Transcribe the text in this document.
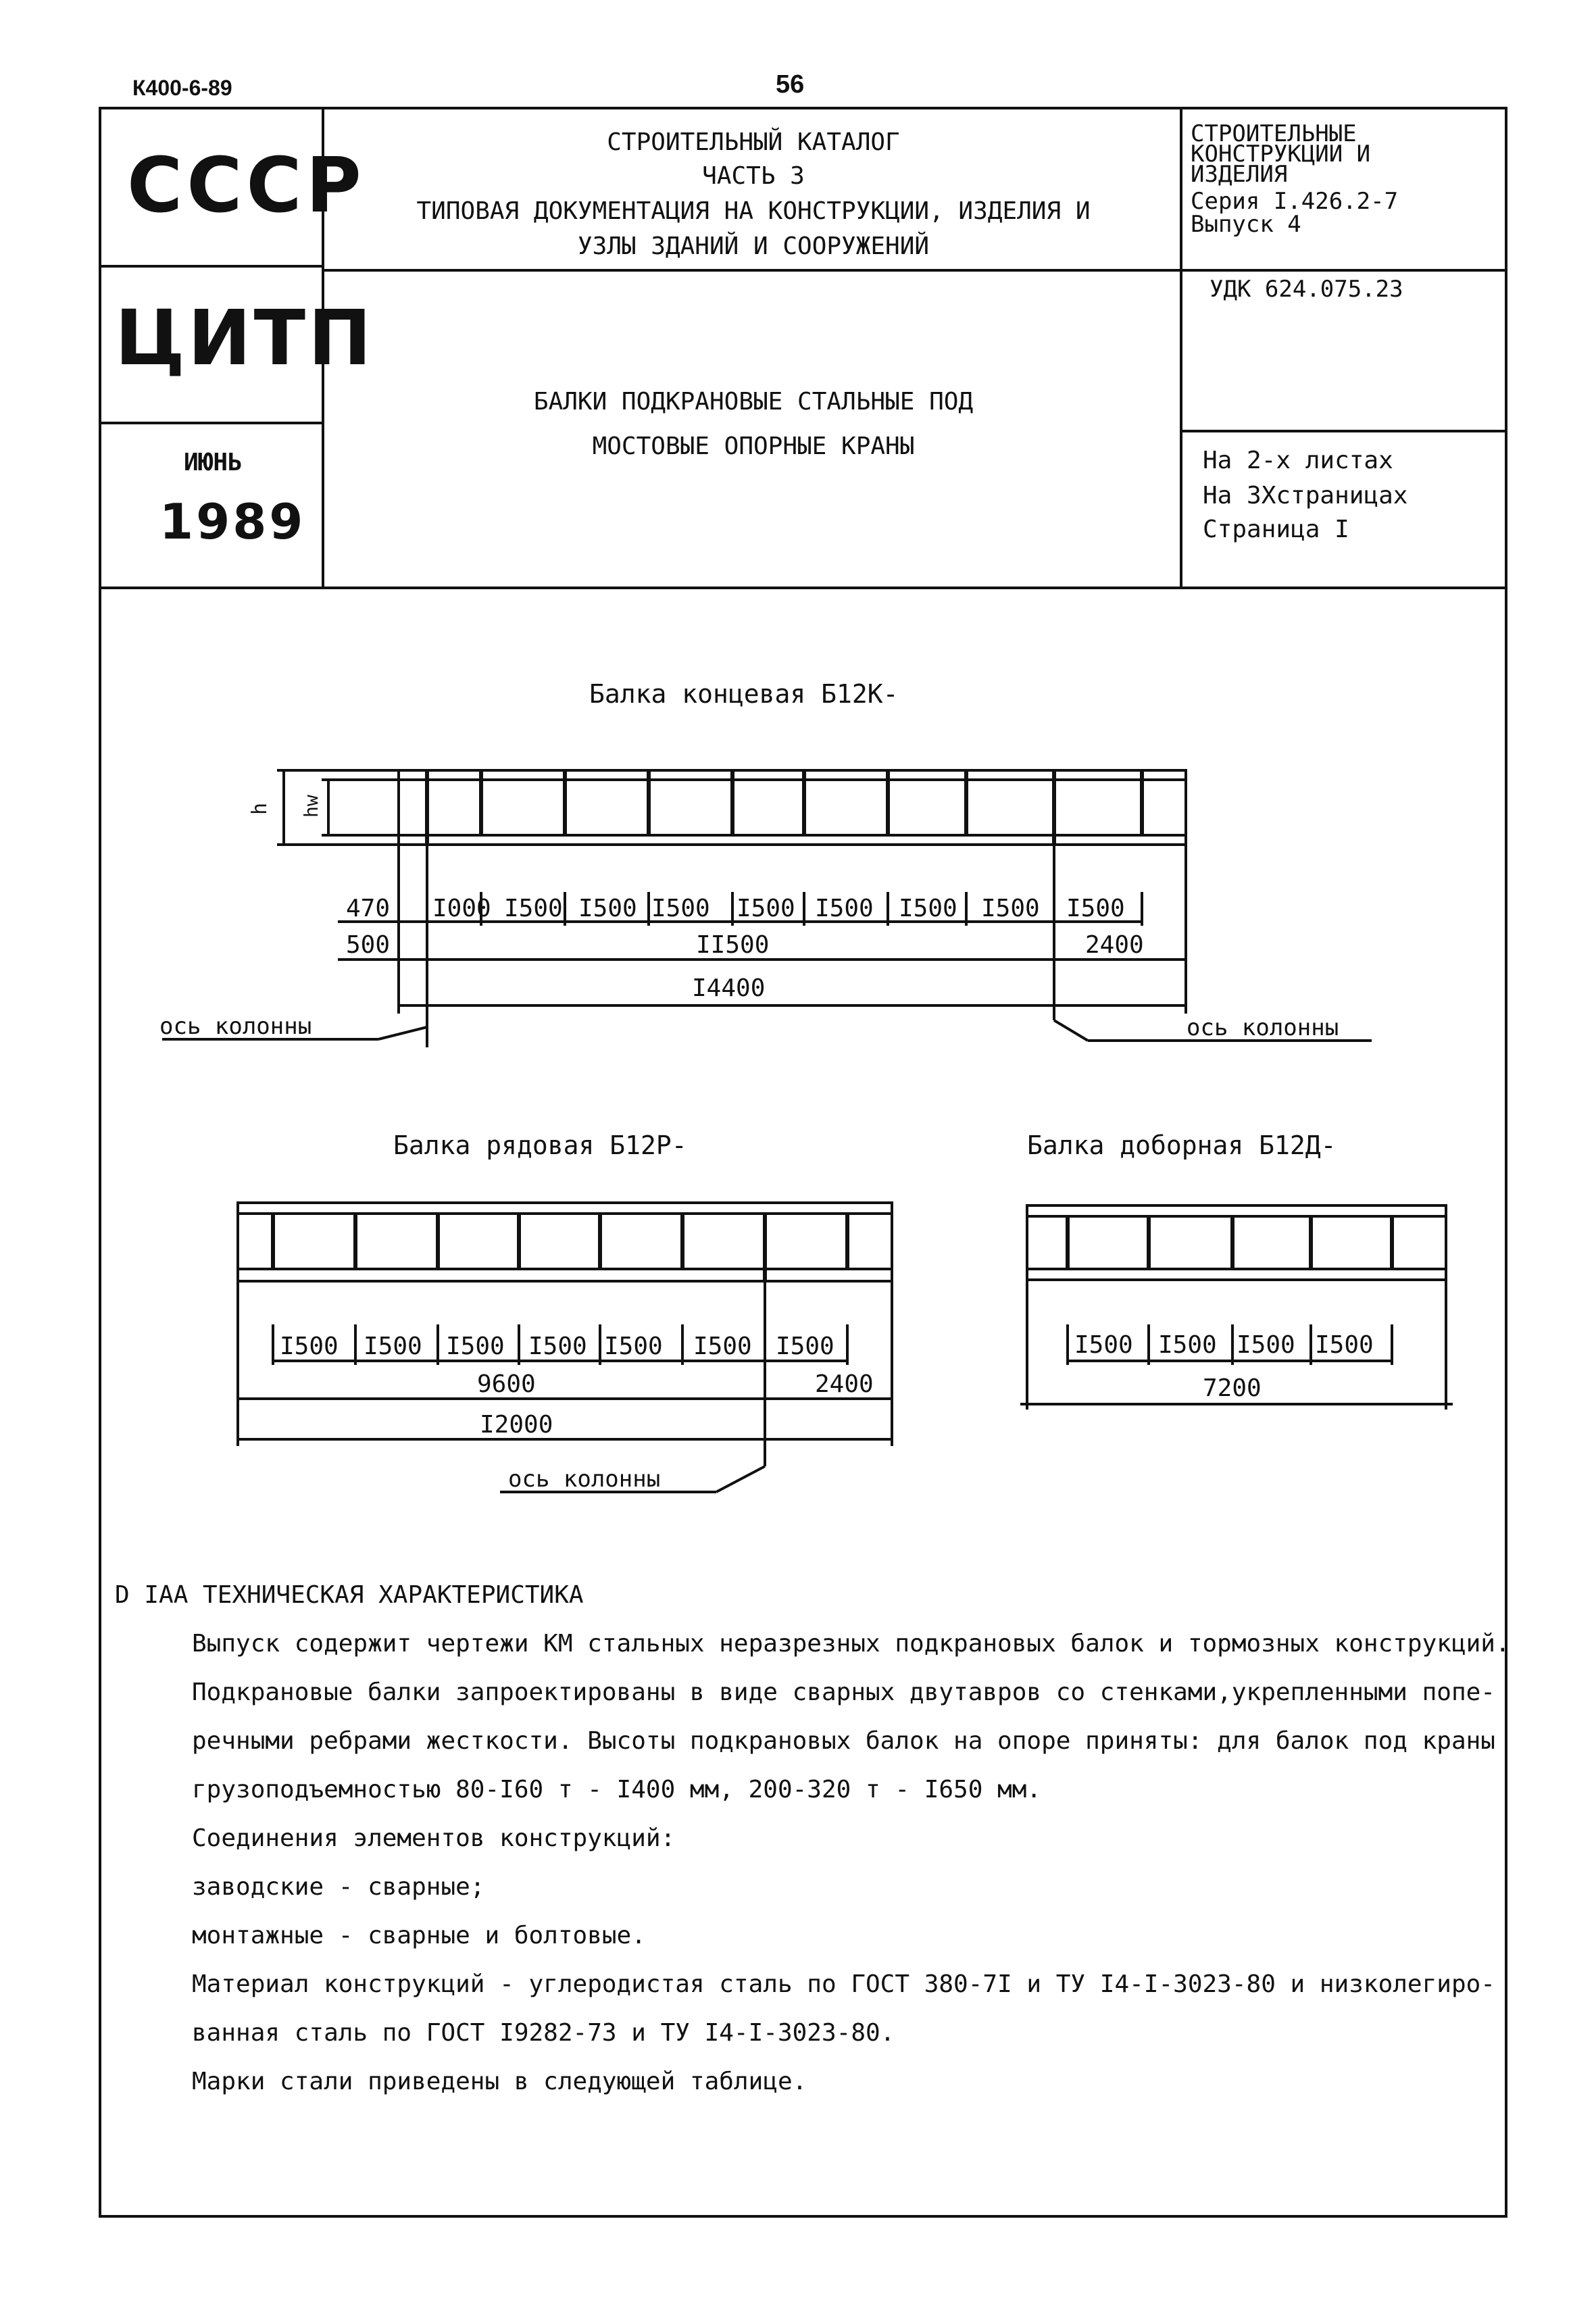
К400-6-89	56
СССР
ЦИТП
ИЮНЬ
1989
СТРОИТЕЛЬНЫЙ КАТАЛОГ
ЧАСТЬ 3
ТИПОВАЯ ДОКУМЕНТАЦИЯ НА КОНСТРУКЦИИ, ИЗДЕЛИЯ И
УЗЛЫ ЗДАНИЙ И СООРУЖЕНИЙ
БАЛКИ ПОДКРАНОВЫЕ СТАЛЬНЫЕ ПОД
МОСТОВЫЕ ОПОРНЫЕ КРАНЫ
СТРОИТЕЛЬНЫЕ
КОНСТРУКЦИИ И
ИЗДЕЛИЯ
Серия I.426.2-7
Выпуск 4
УДК 624.075.23
На 2-х листах
На 3Хстраницах
Страница I
Балка концевая Б12К-
h hw
470 I000 I500 I500 I500 I500 I500 I500 I500 I500
500	II500	2400
I4400
ось колонны	ось колонны
Балка рядовая Б12Р-
I500 I500 I500 I500 I500 I500 I500
9600	2400
I2000
ось колонны
Балка доборная Б12Д-
I500 I500 I500 I500
7200
D IAA ТЕХНИЧЕСКАЯ ХАРАКТЕРИСТИКА
Выпуск содержит чертежи КМ стальных неразрезных подкрановых балок и тормозных конструкций.
Подкрановые балки запроектированы в виде сварных двутавров со стенками,укрепленными попе-
речными ребрами жесткости. Высоты подкрановых балок на опоре приняты: для балок под краны
грузоподъемностью 80-I60 т - I400 мм, 200-320 т - I650 мм.
Соединения элементов конструкций:
заводские - сварные;
монтажные - сварные и болтовые.
Материал конструкций - углеродистая сталь по ГОСТ 380-7I и ТУ I4-I-3023-80 и низколегиро-
ванная сталь по ГОСТ I9282-73 и ТУ I4-I-3023-80.
Марки стали приведены в следующей таблице.
